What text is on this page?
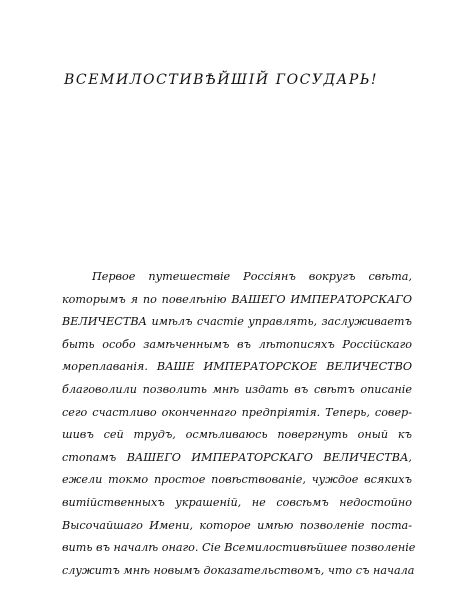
ВСЕМИЛОСТИВѢЙШІЙ ГОСУДАРЬ!
Первое путешествіе Россіянъ вокругъ свѣта,
которымъ я по повелѣнію ВАШЕГО ИМПЕРАТОРСКАГО
ВЕЛИЧЕСТВА имѣлъ счастіе управлять, заслуживаетъ
быть особо замѣченнымъ въ лѣтописяхъ Россійскаго
мореплаванія. ВАШЕ ИМПЕРАТОРСКОЕ ВЕЛИЧЕСТВО
благоволили позволить мнѣ издать въ свѣтъ описаніе
сего счастливо оконченнаго предпріятія. Теперь, совер-
шивъ сей трудъ, осмѣливаюсь повергнуть оный къ
стопамъ ВАШЕГО ИМПЕРАТОРСКАГО ВЕЛИЧЕСТВА,
ежели токмо простое повѣствованіе, чуждое всякихъ
витійственныхъ украшеній, не совсѣмъ недостойно
Высочайшаго Имени, которое имѣю позволеніе поста-
вить въ началѣ онаго. Сіе Всемилостивѣйшее позволеніе
служитъ мнѣ новымъ доказательствомъ, что съ начала
